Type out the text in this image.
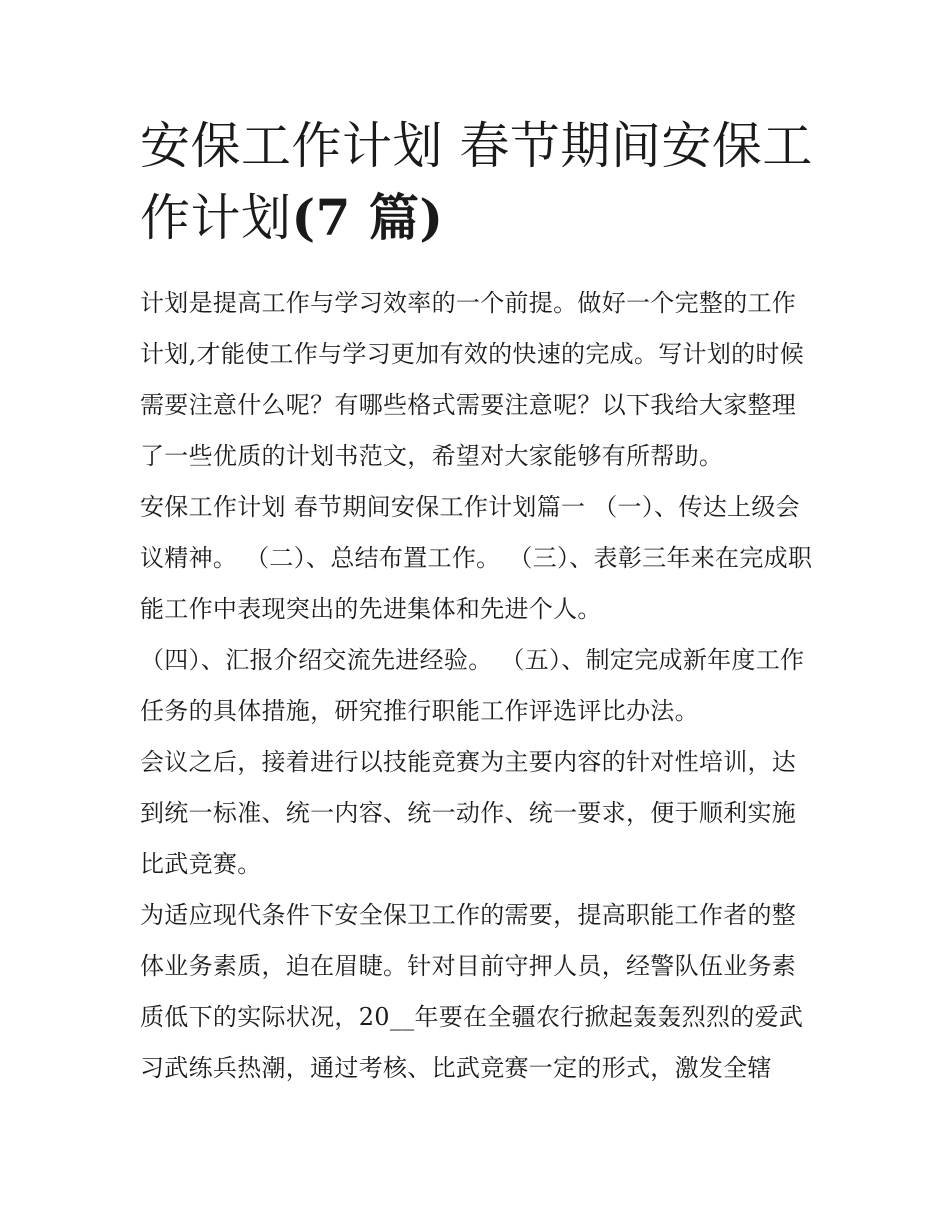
安保工作计划 春节期间安保工作计划(7 篇)

计划是提高工作与学习效率的一个前提。做好一个完整的工作计划,才能使工作与学习更加有效的快速的完成。写计划的时候需要注意什么呢？有哪些格式需要注意呢？以下我给大家整理了一些优质的计划书范文，希望对大家能够有所帮助。

安保工作计划 春节期间安保工作计划篇一 （一）、传达上级会议精神。 （二）、总结布置工作。 （三）、表彰三年来在完成职能工作中表现突出的先进集体和先进个人。

（四）、汇报介绍交流先进经验。 （五）、制定完成新年度工作任务的具体措施，研究推行职能工作评选评比办法。

会议之后，接着进行以技能竞赛为主要内容的针对性培训，达到统一标准、统一内容、统一动作、统一要求，便于顺利实施比武竞赛。

为适应现代条件下安全保卫工作的需要，提高职能工作者的整体业务素质，迫在眉睫。针对目前守押人员，经警队伍业务素质低下的实际状况，20__年要在全疆农行掀起轰轰烈烈的爱武习武练兵热潮，通过考核、比武竞赛一定的形式，激发全辖
